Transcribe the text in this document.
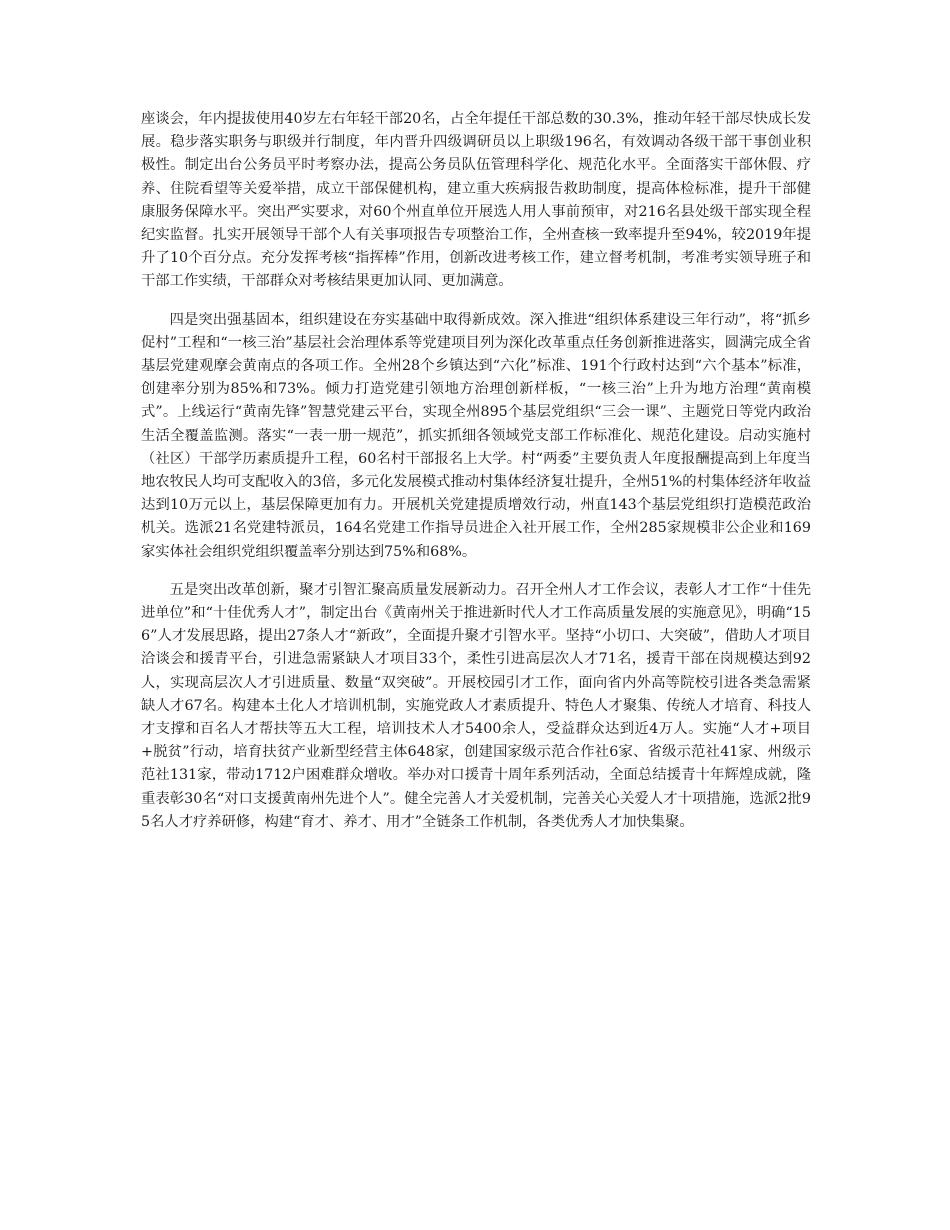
座谈会，年内提拔使用40岁左右年轻干部20名，占全年提任干部总数的30.3%，推动年轻干部尽快成长发展。稳步落实职务与职级并行制度，年内晋升四级调研员以上职级196名，有效调动各级干部干事创业积极性。制定出台公务员平时考察办法，提高公务员队伍管理科学化、规范化水平。全面落实干部休假、疗养、住院看望等关爱举措，成立干部保健机构，建立重大疾病报告救助制度，提高体检标准，提升干部健康服务保障水平。突出严实要求，对60个州直单位开展选人用人事前预审，对216名县处级干部实现全程纪实监督。扎实开展领导干部个人有关事项报告专项整治工作，全州查核一致率提升至94%，较2019年提升了10个百分点。充分发挥考核“指挥棒”作用，创新改进考核工作，建立督考机制，考准考实领导班子和干部工作实绩，干部群众对考核结果更加认同、更加满意。

四是突出强基固本，组织建设在夯实基础中取得新成效。深入推进“组织体系建设三年行动”，将“抓乡促村”工程和“一核三治”基层社会治理体系等党建项目列为深化改革重点任务创新推进落实，圆满完成全省基层党建观摩会黄南点的各项工作。全州28个乡镇达到“六化”标准、191个行政村达到“六个基本”标准，创建率分别为85%和73%。倾力打造党建引领地方治理创新样板，“一核三治”上升为地方治理“黄南模式”。上线运行“黄南先锋”智慧党建云平台，实现全州895个基层党组织“三会一课”、主题党日等党内政治生活全覆盖监测。落实“一表一册一规范”，抓实抓细各领域党支部工作标准化、规范化建设。启动实施村（社区）干部学历素质提升工程，60名村干部报名上大学。村“两委”主要负责人年度报酬提高到上年度当地农牧民人均可支配收入的3倍，多元化发展模式推动村集体经济复壮提升，全州51%的村集体经济年收益达到10万元以上，基层保障更加有力。开展机关党建提质增效行动，州直143个基层党组织打造模范政治机关。选派21名党建特派员，164名党建工作指导员进企入社开展工作，全州285家规模非公企业和169家实体社会组织党组织覆盖率分别达到75%和68%。

五是突出改革创新，聚才引智汇聚高质量发展新动力。召开全州人才工作会议，表彰人才工作“十佳先进单位”和“十佳优秀人才”，制定出台《黄南州关于推进新时代人才工作高质量发展的实施意见》，明确“156”人才发展思路，提出27条人才“新政”，全面提升聚才引智水平。坚持“小切口、大突破”，借助人才项目洽谈会和援青平台，引进急需紧缺人才项目33个，柔性引进高层次人才71名，援青干部在岗规模达到92人，实现高层次人才引进质量、数量“双突破”。开展校园引才工作，面向省内外高等院校引进各类急需紧缺人才67名。构建本土化人才培训机制，实施党政人才素质提升、特色人才聚集、传统人才培育、科技人才支撑和百名人才帮扶等五大工程，培训技术人才5400余人，受益群众达到近4万人。实施“人才+项目+脱贫”行动，培育扶贫产业新型经营主体648家，创建国家级示范合作社6家、省级示范社41家、州级示范社131家，带动1712户困难群众增收。举办对口援青十周年系列活动，全面总结援青十年辉煌成就，隆重表彰30名“对口支援黄南州先进个人”。健全完善人才关爱机制，完善关心关爱人才十项措施，选派2批95名人才疗养研修，构建“育才、养才、用才”全链条工作机制，各类优秀人才加快集聚。
